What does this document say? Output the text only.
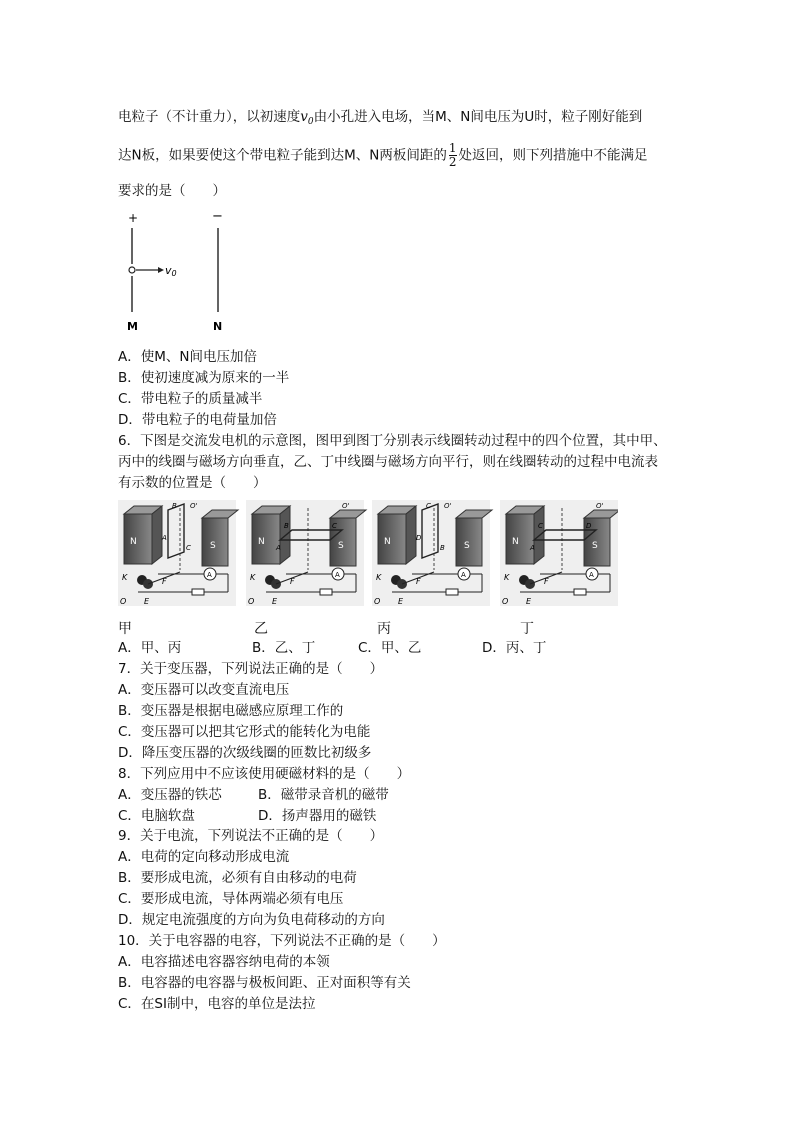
电粒子（不计重力），以初速度$v_0$由小孔进入电场，当M、N间电压为U时，粒子刚好能到
达N板，如果要使这个带电粒子能到达M、N两板间距的 $\frac{1}{2}$ 处返回，则下列措施中不能满足
要求的是（　　）
+	−
v0
M	N
A．使M、N间电压加倍
B．使初速度减为原来的一半
C．带电粒子的质量减半
D．带电粒子的电荷量加倍
6．下图是交流发电机的示意图，图甲到图丁分别表示线圈转动过程中的四个位置，其中甲、
丙中的线圈与磁场方向垂直，乙、丁中线圈与磁场方向平行，则在线圈转动的过程中电流表
有示数的位置是（　　）
B
A
C
O'
B
A
C
O'	C
D
B
O'
C
A
D
O'
甲	乙	丙	丁
A．甲、丙	B．乙、丁	C．甲、乙	D．丙、丁
7．关于变压器，下列说法正确的是（　　）
A．变压器可以改变直流电压
B．变压器是根据电磁感应原理工作的
C．变压器可以把其它形式的能转化为电能
D．降压变压器的次级线圈的匝数比初级多
8．下列应用中不应该使用硬磁材料的是（　　）
A．变压器的铁芯	B．磁带录音机的磁带
C．电脑软盘	D．扬声器用的磁铁
9．关于电流，下列说法不正确的是（　　）
A．电荷的定向移动形成电流
B．要形成电流，必须有自由移动的电荷
C．要形成电流，导体两端必须有电压
D．规定电流强度的方向为负电荷移动的方向
10．关于电容器的电容，下列说法不正确的是（　　）
A．电容描述电容器容纳电荷的本领
B．电容器的电容器与极板间距、正对面积等有关
C．在SI制中，电容的单位是法拉
